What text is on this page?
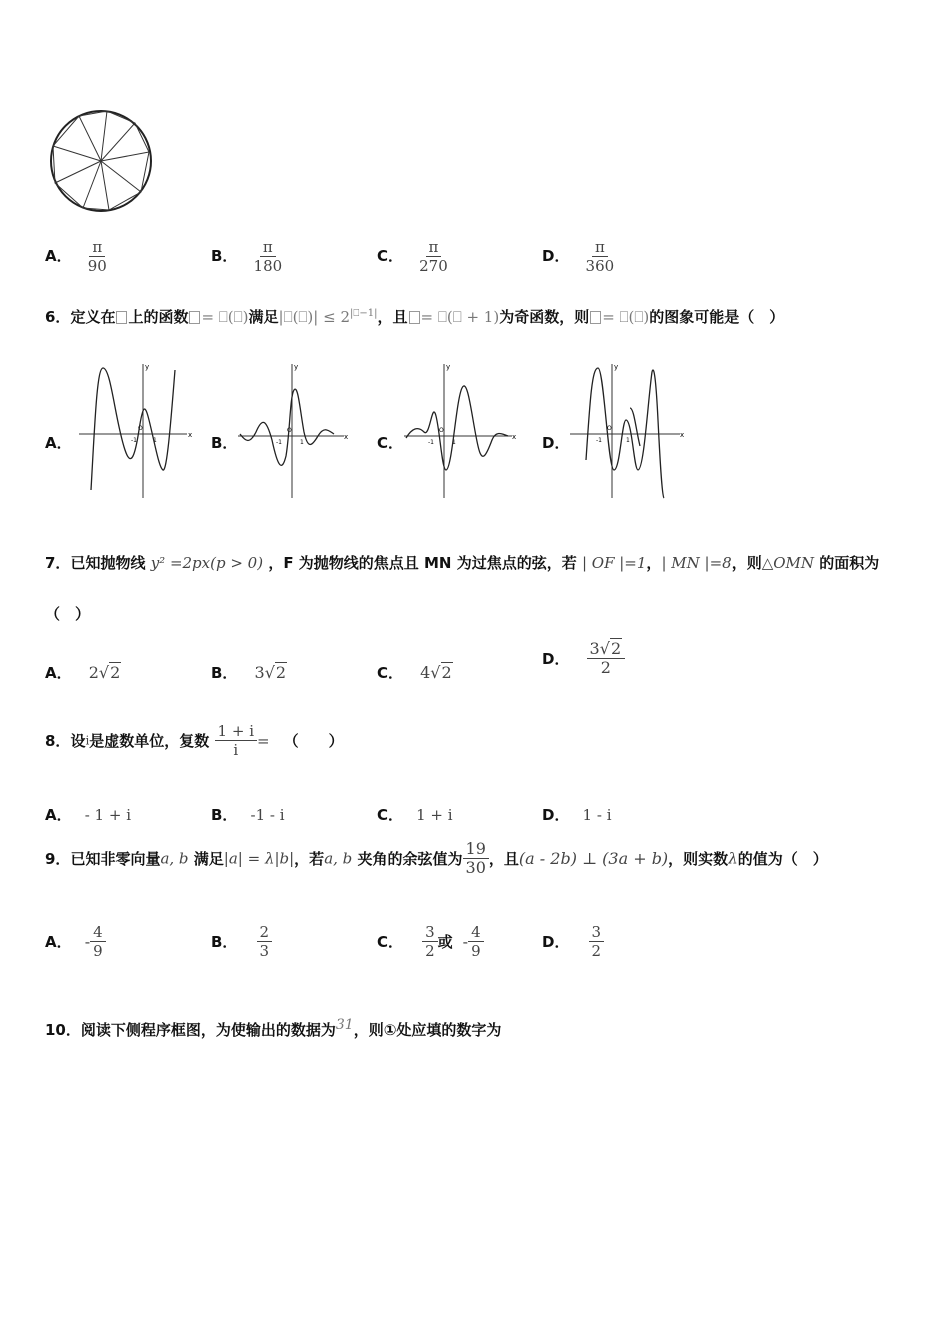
A． $\frac{\pi}{90}$	B． $\frac{\pi}{180}$	C． $\frac{\pi}{270}$	D． $\frac{\pi}{360}$
6．定义在 上的函数 = ⎕(⎕)满足|⎕(⎕)| ≤ $2^{|⎕-1|}$，且 = ⎕(⎕ + 1)为奇函数，则 = ⎕(⎕)的图象可能是（　）
A．	x
y
-1	1
O
B．	x
y
-1	1
O
C．	x
y
-1	1
O
D．	x
y
-1	1
O
7．已知抛物线 y² =2px(p > 0) ，F 为抛物线的焦点且 MN 为过焦点的弦，若 | OF |=1，| MN |=8，则△OMN 的面积为
（　）
A． 2√2	B． 3√2	C． 4√2
D． $\frac{3√2}{2}$
8．设i是虚数单位，复数 $\frac{1 + i}{i}$ = （　　）
A． - 1 + i	B． -1 - i	C． 1 + i	D． 1 - i
9．已知非零向量a, b 满足|a| = λ|b|，若a, b 夹角的余弦值为 $\frac{19}{30}$ ，且(a - 2b) ⊥ (3a + b)，则实数λ的值为（　）
A． - $\frac{4}{9}$	B． $\frac{2}{3}$	C． $\frac{3}{2}$ 或 - $\frac{4}{9}$	D． $\frac{3}{2}$
10．阅读下侧程序框图，为使输出的数据为$^{31}$，则①处应填的数字为
